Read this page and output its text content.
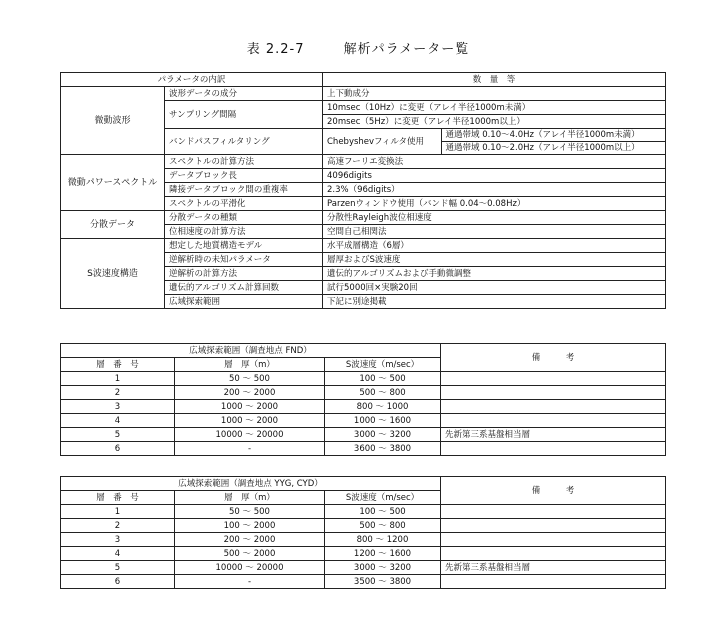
表 2.2-7	解析パラメーター覧
パラメータの内訳	数　量　等
微動波形	波形データの成分	上下動成分
サンプリング間隔	10msec（10Hz）に変更（アレイ半径1000m未満）
20msec（5Hz）に変更（アレイ半径1000m以上）
バンドパスフィルタリング		Chebyshevフィルタ使用	通過帯域 0.10～4.0Hz（アレイ半径1000m未満）
通過帯域 0.10～2.0Hz（アレイ半径1000m以上）

微動パワースペクトル	スペクトルの計算方法	高速フーリエ変換法
データブロック長	4096digits
隣接データブロック間の重複率	2.3%（96digits）
スペクトルの平滑化	Parzenウィンドウ使用（バンド幅 0.04～0.08Hz）
分散データ	分散データの種類	分散性Rayleigh波位相速度
位相速度の計算方法	空間自己相関法
S波速度構造	想定した地質構造モデル	水平成層構造（6層）
逆解析時の未知パラメータ	層厚およびS波速度
逆解析の計算方法	遺伝的アルゴリズムおよび手動微調整
遺伝的アルゴリズム計算回数	試行5000回×実験20回
広域探索範囲	下記に別途掲載
広域探索範囲（調査地点 FND）			備　　　考
層　番　号	層　厚（m）	S波速度（m/sec）	
1	50 ～ 500	100 ～ 500	
2	200 ～ 2000	500 ～ 800	
3	1000 ～ 2000	800 ～ 1000	
4	1000 ～ 2000	1000 ～ 1600	
5	10000 ～ 20000	3000 ～ 3200	先新第三系基盤相当層
6	-	3600 ～ 3800	
広域探索範囲（調査地点 YYG, CYD）			備　　　考
層　番　号	層　厚（m）	S波速度（m/sec）	
1	50 ～ 500	100 ～ 500	
2	100 ～ 2000	500 ～ 800	
3	200 ～ 2000	800 ～ 1200	
4	500 ～ 2000	1200 ～ 1600	
5	10000 ～ 20000	3000 ～ 3200	先新第三系基盤相当層
6	-	3500 ～ 3800	
